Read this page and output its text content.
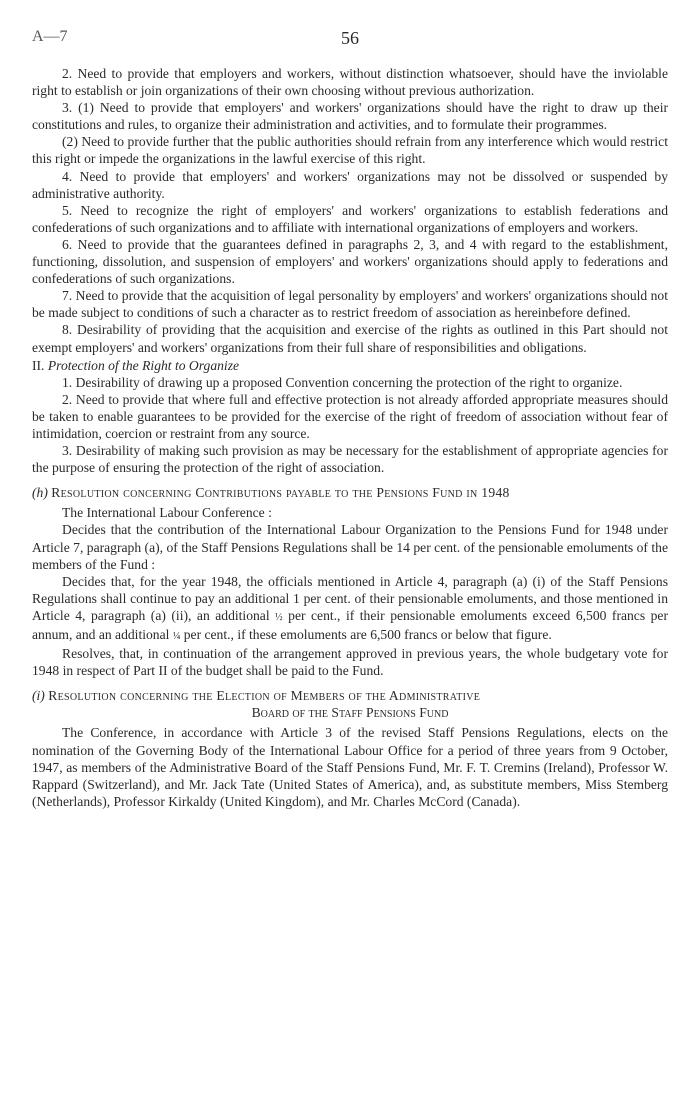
A—7	56

2. Need to provide that employers and workers, without distinction whatsoever, should have the inviolable right to establish or join organizations of their own choosing without previous authorization.

3. (1) Need to provide that employers' and workers' organizations should have the right to draw up their constitutions and rules, to organize their administration and activities, and to formulate their programmes.

(2) Need to provide further that the public authorities should refrain from any interference which would restrict this right or impede the organizations in the lawful exercise of this right.

4. Need to provide that employers' and workers' organizations may not be dissolved or suspended by administrative authority.

5. Need to recognize the right of employers' and workers' organizations to establish federations and confederations of such organizations and to affiliate with international organizations of employers and workers.

6. Need to provide that the guarantees defined in paragraphs 2, 3, and 4 with regard to the establishment, functioning, dissolution, and suspension of employers' and workers' organizations should apply to federations and confederations of such organizations.

7. Need to provide that the acquisition of legal personality by employers' and workers' organizations should not be made subject to conditions of such a character as to restrict freedom of association as hereinbefore defined.

8. Desirability of providing that the acquisition and exercise of the rights as outlined in this Part should not exempt employers' and workers' organizations from their full share of responsibilities and obligations.

II. Protection of the Right to Organize

1. Desirability of drawing up a proposed Convention concerning the protection of the right to organize.

2. Need to provide that where full and effective protection is not already afforded appropriate measures should be taken to enable guarantees to be provided for the exercise of the right of freedom of association without fear of intimidation, coercion or restraint from any source.

3. Desirability of making such provision as may be necessary for the establishment of appropriate agencies for the purpose of ensuring the protection of the right of association.

(h) Resolution concerning Contributions payable to the Pensions Fund in 1948

The International Labour Conference :

Decides that the contribution of the International Labour Organization to the Pensions Fund for 1948 under Article 7, paragraph (a), of the Staff Pensions Regulations shall be 14 per cent. of the pensionable emoluments of the members of the Fund :

Decides that, for the year 1948, the officials mentioned in Article 4, paragraph (a) (i) of the Staff Pensions Regulations shall continue to pay an additional 1 per cent. of their pensionable emoluments, and those mentioned in Article 4, paragraph (a) (ii), an additional ½ per cent., if their pensionable emoluments exceed 6,500 francs per annum, and an additional ¼ per cent., if these emoluments are 6,500 francs or below that figure.

Resolves, that, in continuation of the arrangement approved in previous years, the whole budgetary vote for 1948 in respect of Part II of the budget shall be paid to the Fund.

(i) Resolution concerning the Election of Members of the Administrative

Board of the Staff Pensions Fund

The Conference, in accordance with Article 3 of the revised Staff Pensions Regulations, elects on the nomination of the Governing Body of the International Labour Office for a period of three years from 9 October, 1947, as members of the Administrative Board of the Staff Pensions Fund, Mr. F. T. Cremins (Ireland), Professor W. Rappard (Switzerland), and Mr. Jack Tate (United States of America), and, as substitute members, Miss Stemberg (Netherlands), Professor Kirkaldy (United Kingdom), and Mr. Charles McCord (Canada).
